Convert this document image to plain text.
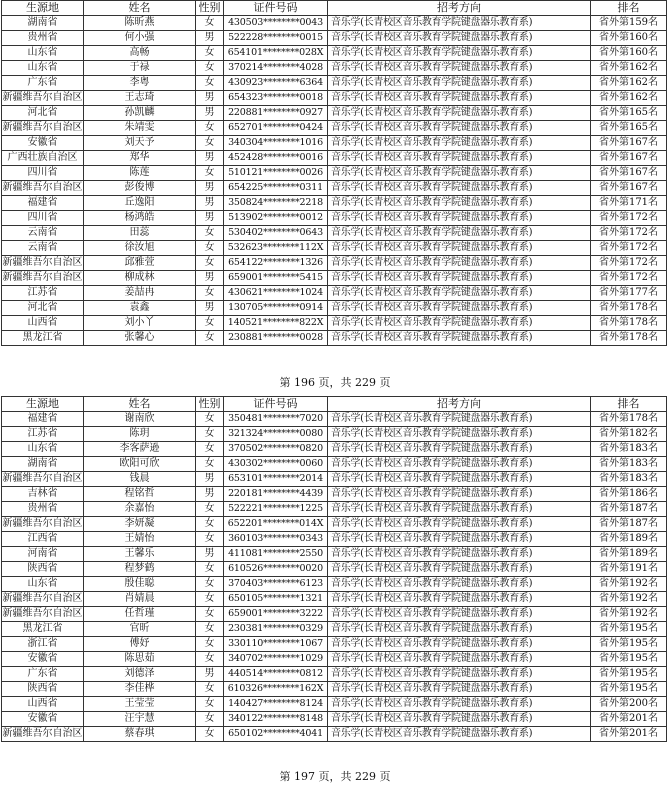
生源地	姓名	性别	证件号码	招考方向	排名
湖南省	陈昕燕	女	430503********0043	音乐学(长青校区音乐教育学院键盘器乐教育系)	省外第159名
贵州省	何小强	男	522228********0015	音乐学(长青校区音乐教育学院键盘器乐教育系)	省外第160名
山东省	高畅	女	654101********028X	音乐学(长青校区音乐教育学院键盘器乐教育系)	省外第160名
山东省	于禄	女	370214********4028	音乐学(长青校区音乐教育学院键盘器乐教育系)	省外第162名
广东省	李粤	女	430923********6364	音乐学(长青校区音乐教育学院键盘器乐教育系)	省外第162名
新疆维吾尔自治区	王志琦	男	654323********0018	音乐学(长青校区音乐教育学院键盘器乐教育系)	省外第162名
河北省	孙凯麟	男	220881********0927	音乐学(长青校区音乐教育学院键盘器乐教育系)	省外第165名
新疆维吾尔自治区	朱靖雯	女	652701********0424	音乐学(长青校区音乐教育学院键盘器乐教育系)	省外第165名
安徽省	刘天予	女	340304********1016	音乐学(长青校区音乐教育学院键盘器乐教育系)	省外第167名
广西壮族自治区	郑华	男	452428********0016	音乐学(长青校区音乐教育学院键盘器乐教育系)	省外第167名
四川省	陈莲	女	510121********0026	音乐学(长青校区音乐教育学院键盘器乐教育系)	省外第167名
新疆维吾尔自治区	彭俊博	男	654225********0311	音乐学(长青校区音乐教育学院键盘器乐教育系)	省外第167名
福建省	丘逸阳	男	350824********2218	音乐学(长青校区音乐教育学院键盘器乐教育系)	省外第171名
四川省	杨鸿皓	男	513902********0012	音乐学(长青校区音乐教育学院键盘器乐教育系)	省外第172名
云南省	田蕊	女	530402********0643	音乐学(长青校区音乐教育学院键盘器乐教育系)	省外第172名
云南省	徐汝旭	女	532623********112X	音乐学(长青校区音乐教育学院键盘器乐教育系)	省外第172名
新疆维吾尔自治区	邱雅萱	女	654122********1326	音乐学(长青校区音乐教育学院键盘器乐教育系)	省外第172名
新疆维吾尔自治区	柳成林	男	659001********5415	音乐学(长青校区音乐教育学院键盘器乐教育系)	省外第172名
江苏省	姜喆冉	女	430621********1024	音乐学(长青校区音乐教育学院键盘器乐教育系)	省外第177名
河北省	袁鑫	男	130705********0914	音乐学(长青校区音乐教育学院键盘器乐教育系)	省外第178名
山西省	刘小丫	女	140521********822X	音乐学(长青校区音乐教育学院键盘器乐教育系)	省外第178名
黑龙江省	张馨心	女	230881********0028	音乐学(长青校区音乐教育学院键盘器乐教育系)	省外第178名
第 196 页，共 229 页
生源地	姓名	性别	证件号码	招考方向	排名
福建省	谢南欣	女	350481********7020	音乐学(长青校区音乐教育学院键盘器乐教育系)	省外第178名
江苏省	陈玥	女	321324********0080	音乐学(长青校区音乐教育学院键盘器乐教育系)	省外第182名
山东省	李客萨逊	女	370502********0820	音乐学(长青校区音乐教育学院键盘器乐教育系)	省外第183名
湖南省	欧阳可欣	女	430302********0060	音乐学(长青校区音乐教育学院键盘器乐教育系)	省外第183名
新疆维吾尔自治区	钱晨	男	653101********2014	音乐学(长青校区音乐教育学院键盘器乐教育系)	省外第183名
吉林省	程铭哲	男	220181********4439	音乐学(长青校区音乐教育学院键盘器乐教育系)	省外第186名
贵州省	余嘉怡	女	522221********1225	音乐学(长青校区音乐教育学院键盘器乐教育系)	省外第187名
新疆维吾尔自治区	李妍凝	女	652201********014X	音乐学(长青校区音乐教育学院键盘器乐教育系)	省外第187名
江西省	王婧怡	女	360103********0343	音乐学(长青校区音乐教育学院键盘器乐教育系)	省外第189名
河南省	王馨乐	男	411081********2550	音乐学(长青校区音乐教育学院键盘器乐教育系)	省外第189名
陕西省	程梦鹤	女	610526********0020	音乐学(长青校区音乐教育学院键盘器乐教育系)	省外第191名
山东省	殷佳聪	女	370403********6123	音乐学(长青校区音乐教育学院键盘器乐教育系)	省外第192名
新疆维吾尔自治区	肖婧晨	女	650105********1321	音乐学(长青校区音乐教育学院键盘器乐教育系)	省外第192名
新疆维吾尔自治区	任哲瑾	女	659001********3222	音乐学(长青校区音乐教育学院键盘器乐教育系)	省外第192名
黑龙江省	官昕	女	230381********0329	音乐学(长青校区音乐教育学院键盘器乐教育系)	省外第195名
浙江省	傅妤	女	330110********1067	音乐学(长青校区音乐教育学院键盘器乐教育系)	省外第195名
安徽省	陈思茹	女	340702********1029	音乐学(长青校区音乐教育学院键盘器乐教育系)	省外第195名
广东省	刘德泽	男	440514********0812	音乐学(长青校区音乐教育学院键盘器乐教育系)	省外第195名
陕西省	李佳桦	女	610326********162X	音乐学(长青校区音乐教育学院键盘器乐教育系)	省外第195名
山西省	王莹莹	女	140427********8124	音乐学(长青校区音乐教育学院键盘器乐教育系)	省外第200名
安徽省	汪宇慧	女	340122********8148	音乐学(长青校区音乐教育学院键盘器乐教育系)	省外第201名
新疆维吾尔自治区	蔡春琪	女	650102********4041	音乐学(长青校区音乐教育学院键盘器乐教育系)	省外第201名
第 197 页，共 229 页
